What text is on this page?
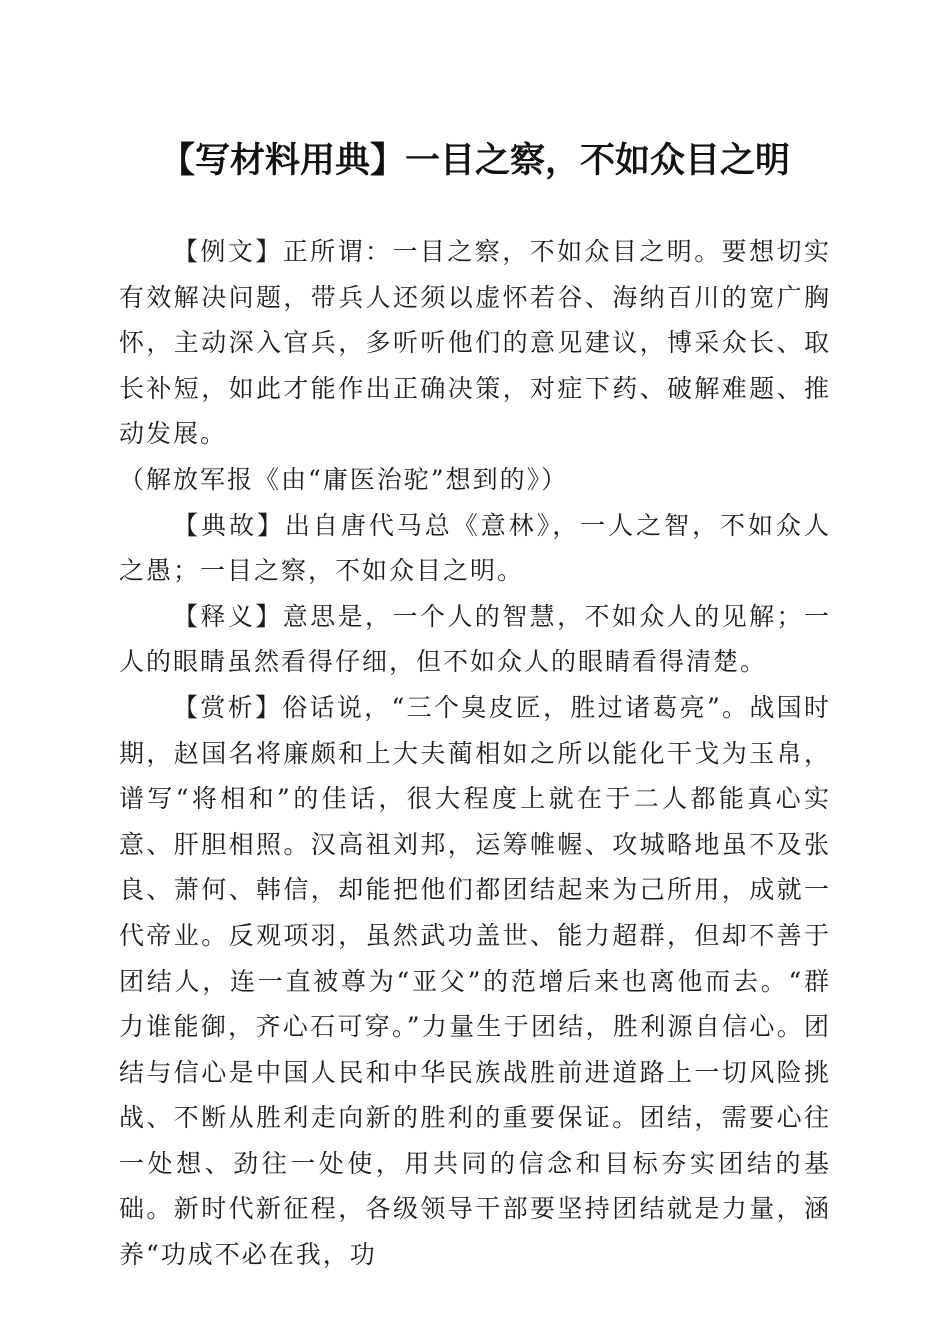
【写材料用典】一目之察，不如众目之明

【例文】正所谓：一目之察，不如众目之明。要想切实有效解决问题，带兵人还须以虚怀若谷、海纳百川的宽广胸怀，主动深入官兵，多听听他们的意见建议，博采众长、取长补短，如此才能作出正确决策，对症下药、破解难题、推动发展。

（解放军报《由“庸医治驼”想到的》）

【典故】出自唐代马总《意林》，一人之智，不如众人之愚；一目之察，不如众目之明。

【释义】意思是，一个人的智慧，不如众人的见解；一人的眼睛虽然看得仔细，但不如众人的眼睛看得清楚。

【赏析】俗话说，“三个臭皮匠，胜过诸葛亮”。战国时期，赵国名将廉颇和上大夫蔺相如之所以能化干戈为玉帛，谱写“将相和”的佳话，很大程度上就在于二人都能真心实意、肝胆相照。汉高祖刘邦，运筹帷幄、攻城略地虽不及张良、萧何、韩信，却能把他们都团结起来为己所用，成就一代帝业。反观项羽，虽然武功盖世、能力超群，但却不善于团结人，连一直被尊为“亚父”的范增后来也离他而去。“群力谁能御，齐心石可穿。”力量生于团结，胜利源自信心。团结与信心是中国人民和中华民族战胜前进道路上一切风险挑战、不断从胜利走向新的胜利的重要保证。团结，需要心往一处想、劲往一处使，用共同的信念和目标夯实团结的基础。新时代新征程，各级领导干部要坚持团结就是力量，涵养“功成不必在我，功
